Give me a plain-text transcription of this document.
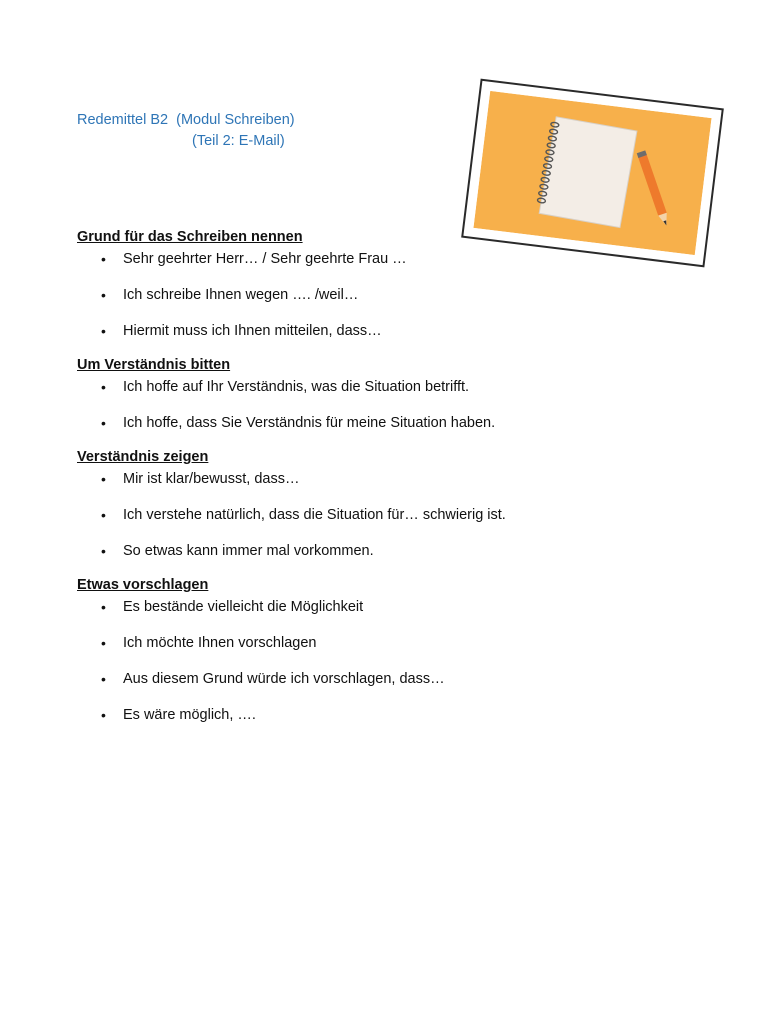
Redemittel B2  (Modul Schreiben)
(Teil 2: E-Mail)
Grund für das Schreiben nennen
• Sehr geehrter Herr… / Sehr geehrte Frau …
• Ich schreibe Ihnen wegen …. /weil…
• Hiermit muss ich Ihnen mitteilen, dass…
Um Verständnis bitten
• Ich hoffe auf Ihr Verständnis, was die Situation betrifft.
• Ich hoffe, dass Sie Verständnis für meine Situation haben.
Verständnis zeigen
• Mir ist klar/bewusst, dass…
• Ich verstehe natürlich, dass die Situation für… schwierig ist.
• So etwas kann immer mal vorkommen.
Etwas vorschlagen
• Es bestände vielleicht die Möglichkeit
• Ich möchte Ihnen vorschlagen
• Aus diesem Grund würde ich vorschlagen, dass…
• Es wäre möglich, ….
